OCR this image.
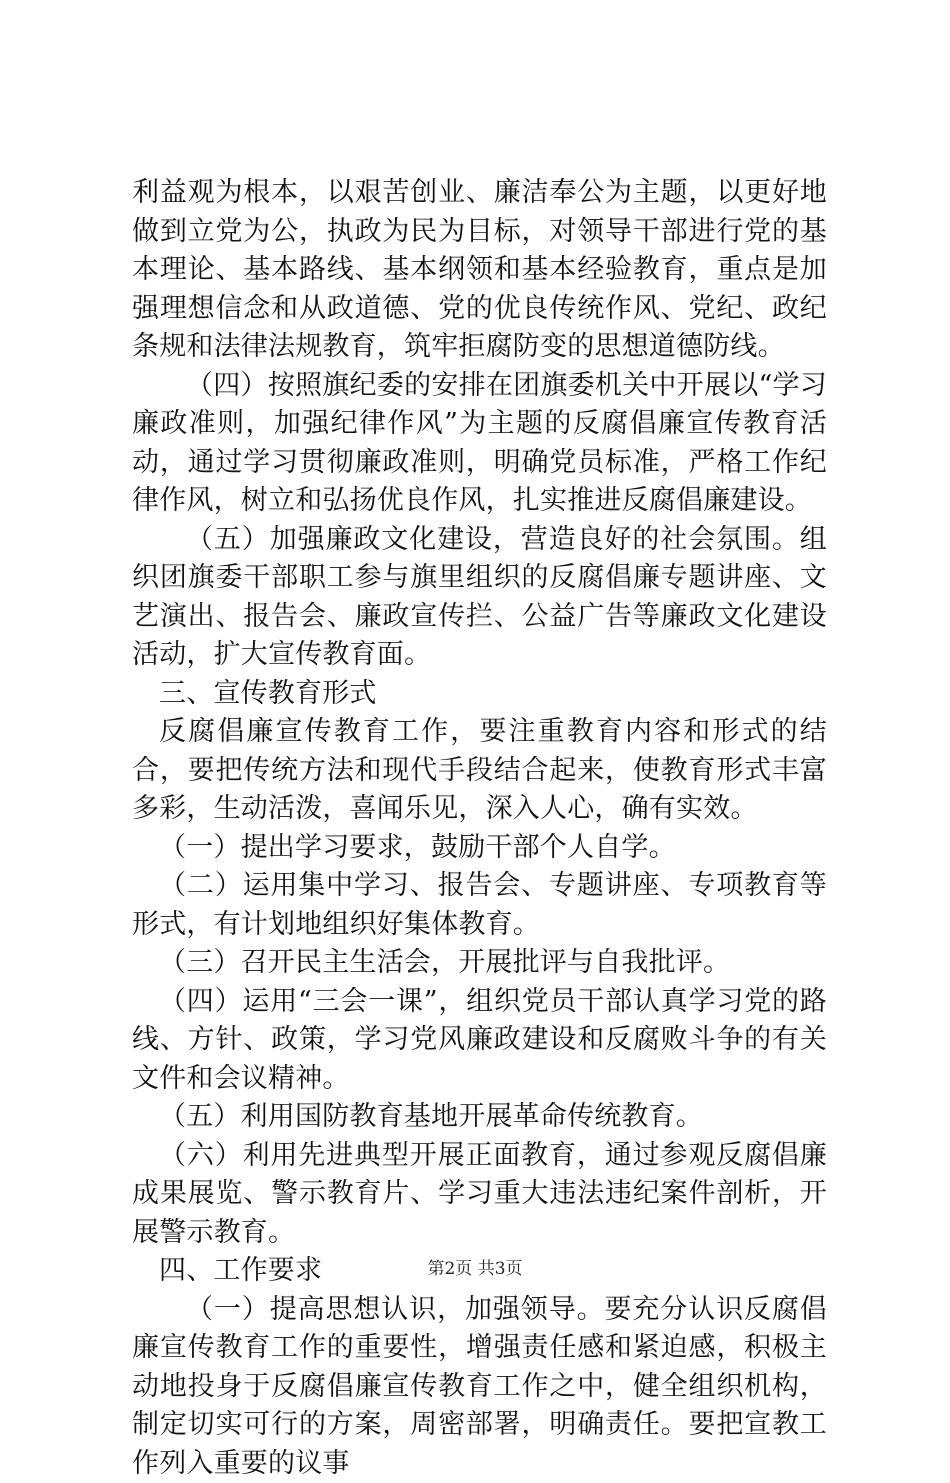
利益观为根本，以艰苦创业、廉洁奉公为主题，以更好地做到立党为公，执政为民为目标，对领导干部进行党的基本理论、基本路线、基本纲领和基本经验教育，重点是加强理想信念和从政道德、党的优良传统作风、党纪、政纪条规和法律法规教育，筑牢拒腐防变的思想道德防线。

（四）按照旗纪委的安排在团旗委机关中开展以“学习廉政准则，加强纪律作风”为主题的反腐倡廉宣传教育活动，通过学习贯彻廉政准则，明确党员标准，严格工作纪律作风，树立和弘扬优良作风，扎实推进反腐倡廉建设。

（五）加强廉政文化建设，营造良好的社会氛围。组织团旗委干部职工参与旗里组织的反腐倡廉专题讲座、文艺演出、报告会、廉政宣传拦、公益广告等廉政文化建设活动，扩大宣传教育面。

三、宣传教育形式

反腐倡廉宣传教育工作，要注重教育内容和形式的结合，要把传统方法和现代手段结合起来，使教育形式丰富多彩，生动活泼，喜闻乐见，深入人心，确有实效。

（一）提出学习要求，鼓励干部个人自学。

（二）运用集中学习、报告会、专题讲座、专项教育等形式，有计划地组织好集体教育。

（三）召开民主生活会，开展批评与自我批评。

（四）运用“三会一课”，组织党员干部认真学习党的路线、方针、政策，学习党风廉政建设和反腐败斗争的有关文件和会议精神。

（五）利用国防教育基地开展革命传统教育。

（六）利用先进典型开展正面教育，通过参观反腐倡廉成果展览、警示教育片、学习重大违法违纪案件剖析，开展警示教育。

四、工作要求

（一）提高思想认识，加强领导。要充分认识反腐倡廉宣传教育工作的重要性，增强责任感和紧迫感，积极主动地投身于反腐倡廉宣传教育工作之中，健全组织机构，制定切实可行的方案，周密部署，明确责任。要把宣教工作列入重要的议事

第2页 共3页
